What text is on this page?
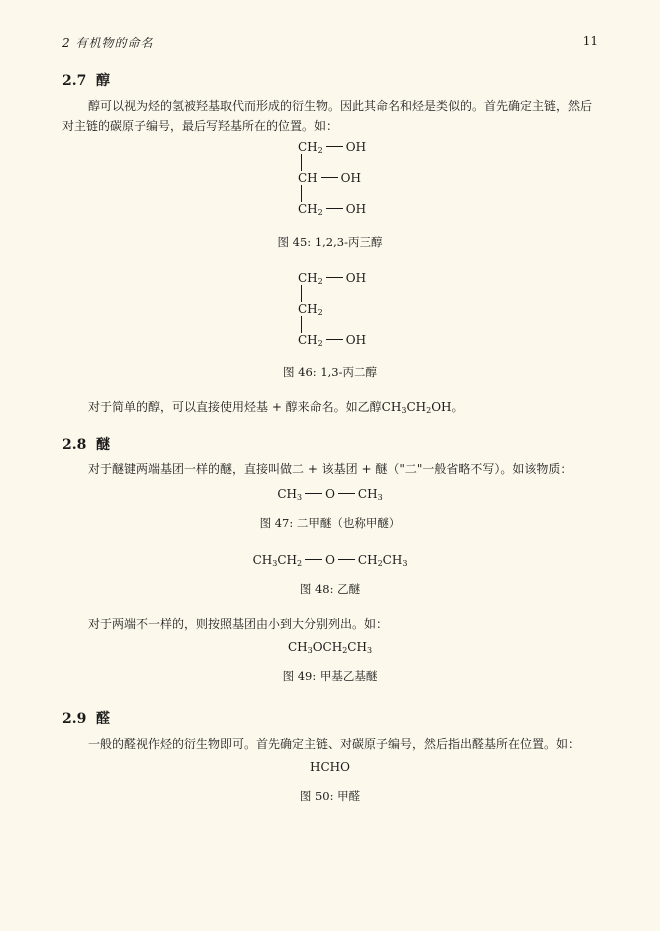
2 有机物的命名	11
2.7 醇
醇可以视为烃的氢被羟基取代而形成的衍生物。因此其命名和烃是类似的。首先确定主链，然后对主链的碳原子编号，最后写羟基所在的位置。如：
$CH_2$ OH
CH OH
$CH_2$ OH
图 45: 1,2,3-丙三醇
$CH_2$ OH
$CH_2$
$CH_2$ OH
图 46: 1,3-丙二醇
对于简单的醇，可以直接使用烃基 + 醇来命名。如乙醇$CH_3CH_2OH$。
2.8 醚
对于醚键两端基团一样的醚，直接叫做二 + 该基团 + 醚（"二"一般省略不写）。如该物质：
$CH_3$ O $CH_3$
图 47: 二甲醚（也称甲醚）
$CH_3CH_2$ O $CH_2CH_3$
图 48: 乙醚
对于两端不一样的，则按照基团由小到大分别列出。如：
$CH_3OCH_2CH_3$
图 49: 甲基乙基醚
2.9 醛
一般的醛视作烃的衍生物即可。首先确定主链、对碳原子编号，然后指出醛基所在位置。如：
HCHO
图 50: 甲醛
